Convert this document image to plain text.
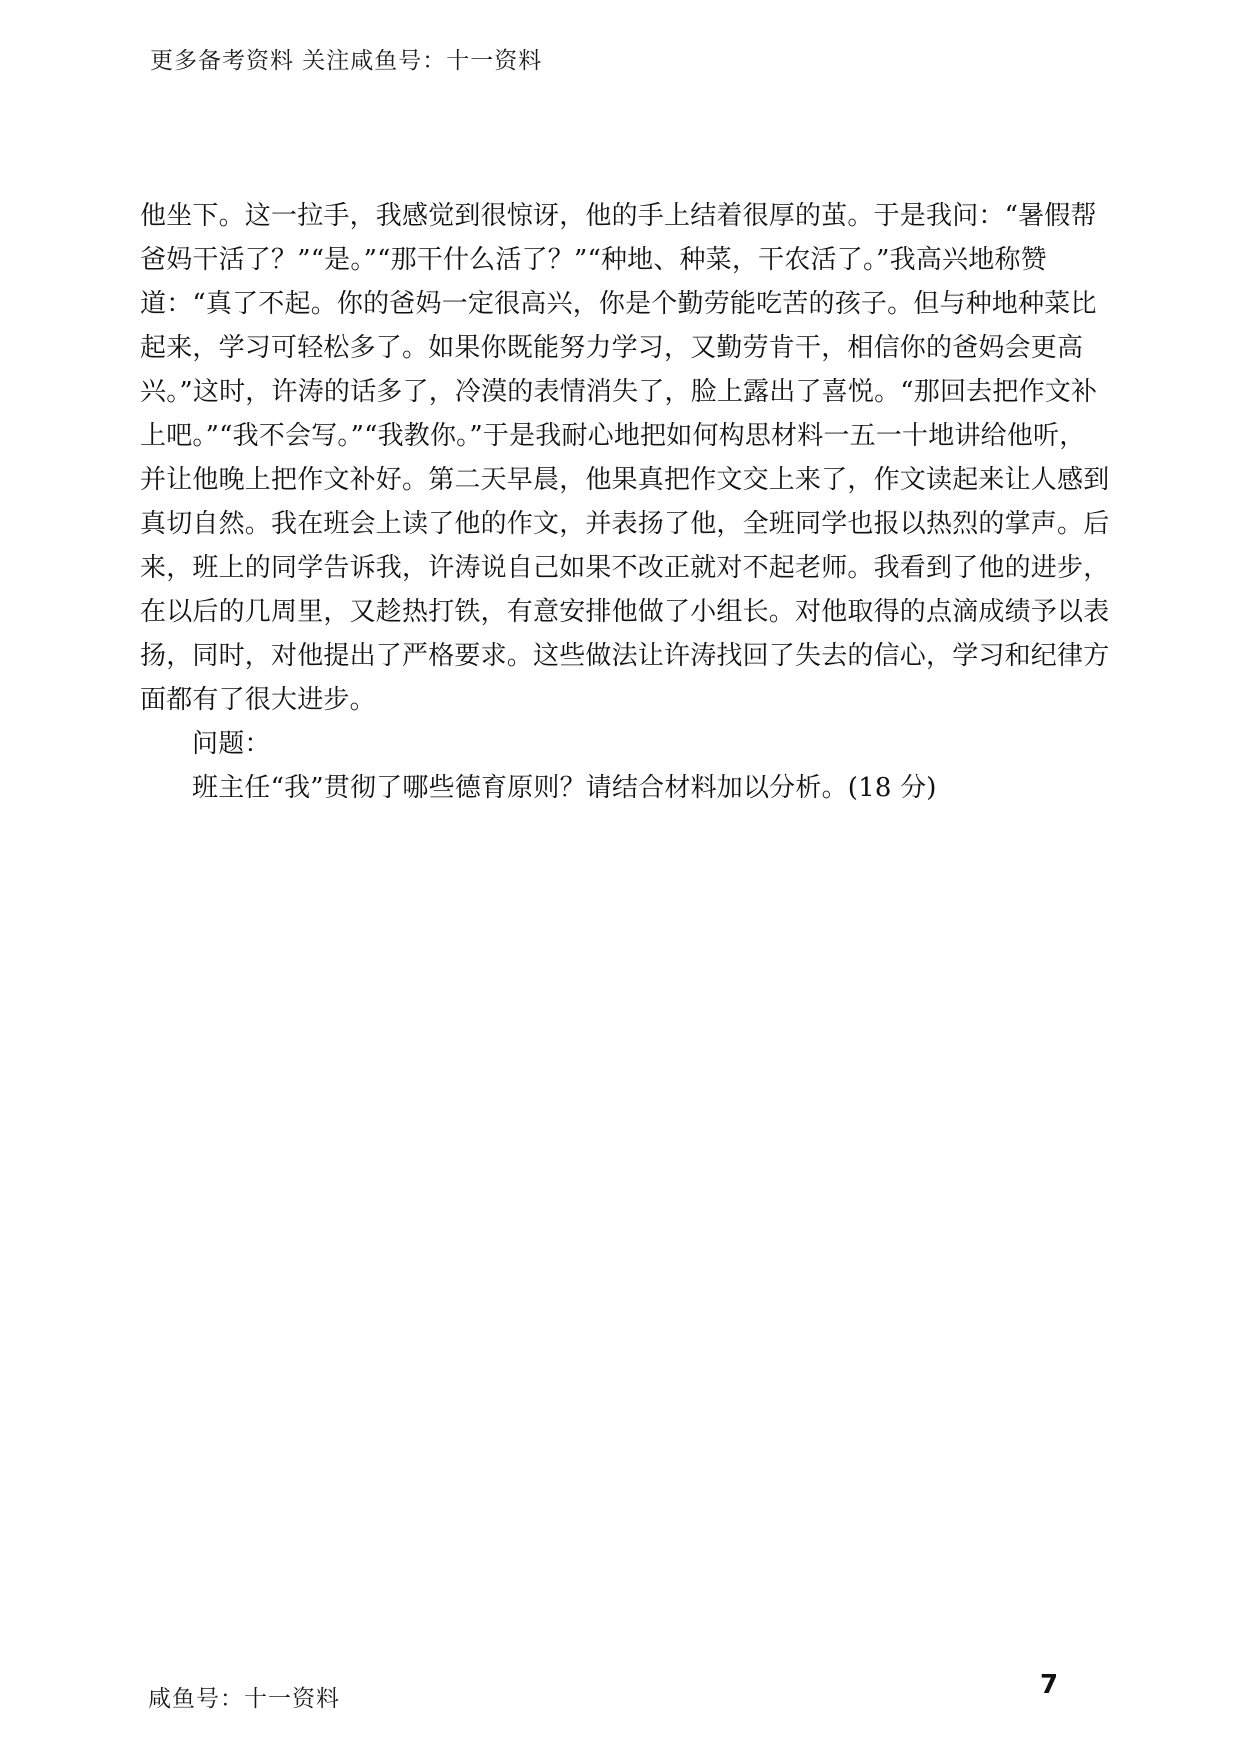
更多备考资料 关注咸鱼号：十一资料
他坐下。这一拉手，我感觉到很惊讶，他的手上结着很厚的茧。于是我问：“暑假帮
爸妈干活了？”“是。”“那干什么活了？”“种地、种菜，干农活了。”我高兴地称赞
道：“真了不起。你的爸妈一定很高兴，你是个勤劳能吃苦的孩子。但与种地种菜比
起来，学习可轻松多了。如果你既能努力学习，又勤劳肯干，相信你的爸妈会更高
兴。”这时，许涛的话多了，冷漠的表情消失了，脸上露出了喜悦。“那回去把作文补
上吧。”“我不会写。”“我教你。”于是我耐心地把如何构思材料一五一十地讲给他听，
并让他晚上把作文补好。第二天早晨，他果真把作文交上来了，作文读起来让人感到
真切自然。我在班会上读了他的作文，并表扬了他，全班同学也报以热烈的掌声。后
来，班上的同学告诉我，许涛说自己如果不改正就对不起老师。我看到了他的进步，
在以后的几周里，又趁热打铁，有意安排他做了小组长。对他取得的点滴成绩予以表
扬，同时，对他提出了严格要求。这些做法让许涛找回了失去的信心，学习和纪律方
面都有了很大进步。
问题：
班主任“我”贯彻了哪些德育原则？请结合材料加以分析。(18 分)
咸鱼号：十一资料	7
